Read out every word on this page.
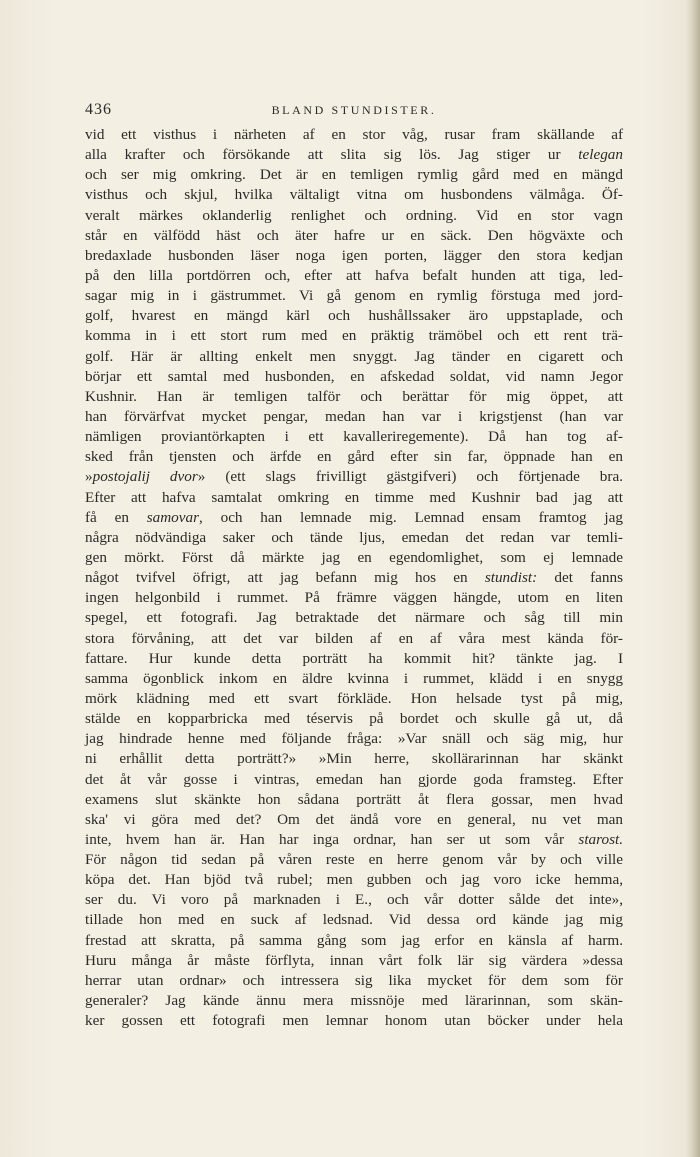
436	BLAND STUNDISTER.
vid ett visthus i närheten af en stor våg, rusar fram skällande af
alla krafter och försökande att slita sig lös. Jag stiger ur telegan
och ser mig omkring. Det är en temligen rymlig gård med en mängd
visthus och skjul, hvilka vältaligt vitna om husbondens välmåga. Öf-
veralt märkes oklanderlig renlighet och ordning. Vid en stor vagn
står en välfödd häst och äter hafre ur en säck. Den högväxte och
bredaxlade husbonden läser noga igen porten, lägger den stora kedjan
på den lilla portdörren och, efter att hafva befalt hunden att tiga, led-
sagar mig in i gästrummet. Vi gå genom en rymlig förstuga med jord-
golf, hvarest en mängd kärl och hushållssaker äro uppstaplade, och
komma in i ett stort rum med en präktig trämöbel och ett rent trä-
golf. Här är allting enkelt men snyggt. Jag tänder en cigarett och
börjar ett samtal med husbonden, en afskedad soldat, vid namn Jegor
Kushnir. Han är temligen talför och berättar för mig öppet, att
han förvärfvat mycket pengar, medan han var i krigstjenst (han var
nämligen proviantörkapten i ett kavalleriregemente). Då han tog af-
sked från tjensten och ärfde en gård efter sin far, öppnade han en
»postojalij dvor» (ett slags frivilligt gästgifveri) och förtjenade bra.
Efter att hafva samtalat omkring en timme med Kushnir bad jag att
få en samovar, och han lemnade mig. Lemnad ensam framtog jag
några nödvändiga saker och tände ljus, emedan det redan var temli-
gen mörkt. Först då märkte jag en egendomlighet, som ej lemnade
något tvifvel öfrigt, att jag befann mig hos en stundist: det fanns
ingen helgonbild i rummet. På främre väggen hängde, utom en liten
spegel, ett fotografi. Jag betraktade det närmare och såg till min
stora förvåning, att det var bilden af en af våra mest kända för-
fattare. Hur kunde detta porträtt ha kommit hit? tänkte jag. I
samma ögonblick inkom en äldre kvinna i rummet, klädd i en snygg
mörk klädning med ett svart förkläde. Hon helsade tyst på mig,
stälde en kopparbricka med téservis på bordet och skulle gå ut, då
jag hindrade henne med följande fråga: »Var snäll och säg mig, hur
ni erhållit detta porträtt?» »Min herre, skollärarinnan har skänkt
det åt vår gosse i vintras, emedan han gjorde goda framsteg. Efter
examens slut skänkte hon sådana porträtt åt flera gossar, men hvad
ska' vi göra med det? Om det ändå vore en general, nu vet man
inte, hvem han är. Han har inga ordnar, han ser ut som vår starost.
För någon tid sedan på våren reste en herre genom vår by och ville
köpa det. Han bjöd två rubel; men gubben och jag voro icke hemma,
ser du. Vi voro på marknaden i E., och vår dotter sålde det inte»,
tillade hon med en suck af ledsnad. Vid dessa ord kände jag mig
frestad att skratta, på samma gång som jag erfor en känsla af harm.
Huru många år måste förflyta, innan vårt folk lär sig värdera »dessa
herrar utan ordnar» och intressera sig lika mycket för dem som för
generaler? Jag kände ännu mera missnöje med lärarinnan, som skän-
ker gossen ett fotografi men lemnar honom utan böcker under hela
